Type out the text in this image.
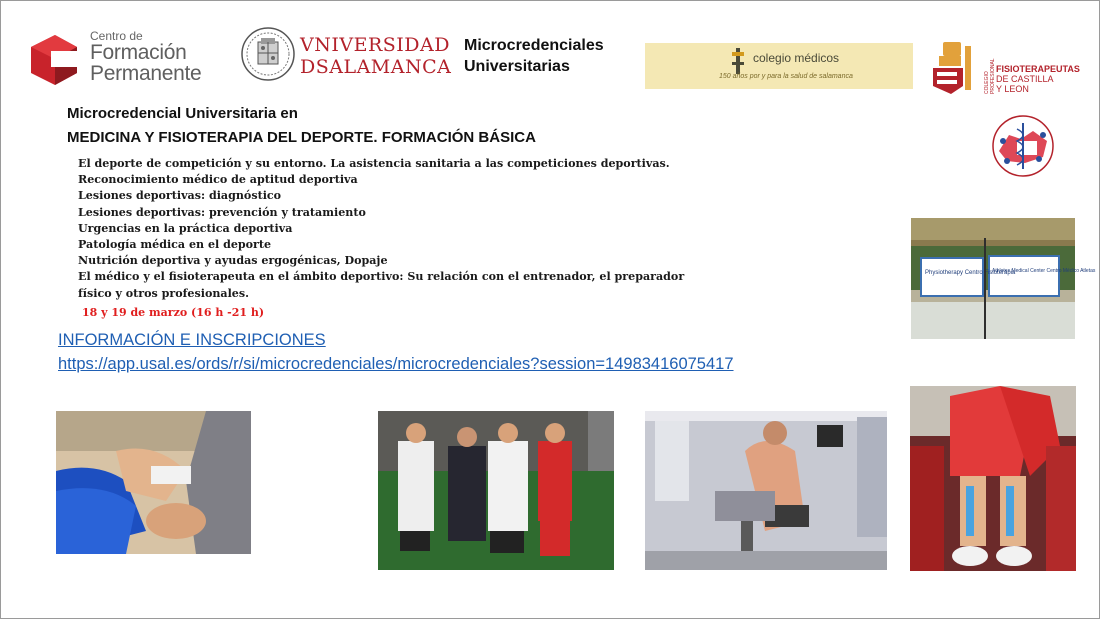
Centro de
Formación
Permanente
VNIVERSIDAD
DSALAMANCA
Microcredenciales
Universitarias	colegio médicos
150 años por y para la salud de salamanca	COLEGIO PROFESIONAL FISIOTERAPEUTAS
DE CASTILLA
Y LEON
Microcredencial Universitaria en
MEDICINA Y FISIOTERAPIA DEL DEPORTE. FORMACIÓN BÁSICA
El deporte de competición y su entorno. La asistencia sanitaria a las competiciones deportivas.
Reconocimiento médico de aptitud deportiva
Lesiones deportivas: diagnóstico
Lesiones deportivas: prevención y tratamiento
Urgencias en la práctica deportiva
Patología médica en el deporte
Nutrición deportiva y ayudas ergogénicas, Dopaje
El médico y el fisioterapeuta en el ámbito deportivo: Su relación con el entrenador, el preparador
físico y otros profesionales.
18 y 19 de marzo (16 h -21 h)
INFORMACIÓN E INSCRIPCIONES
https://app.usal.es/ords/r/si/microcredenciales/microcredenciales?session=14983416075417
Physiotherapy Centro Fisioterapia
Athletes Medical Center Centro Médico Atletas
